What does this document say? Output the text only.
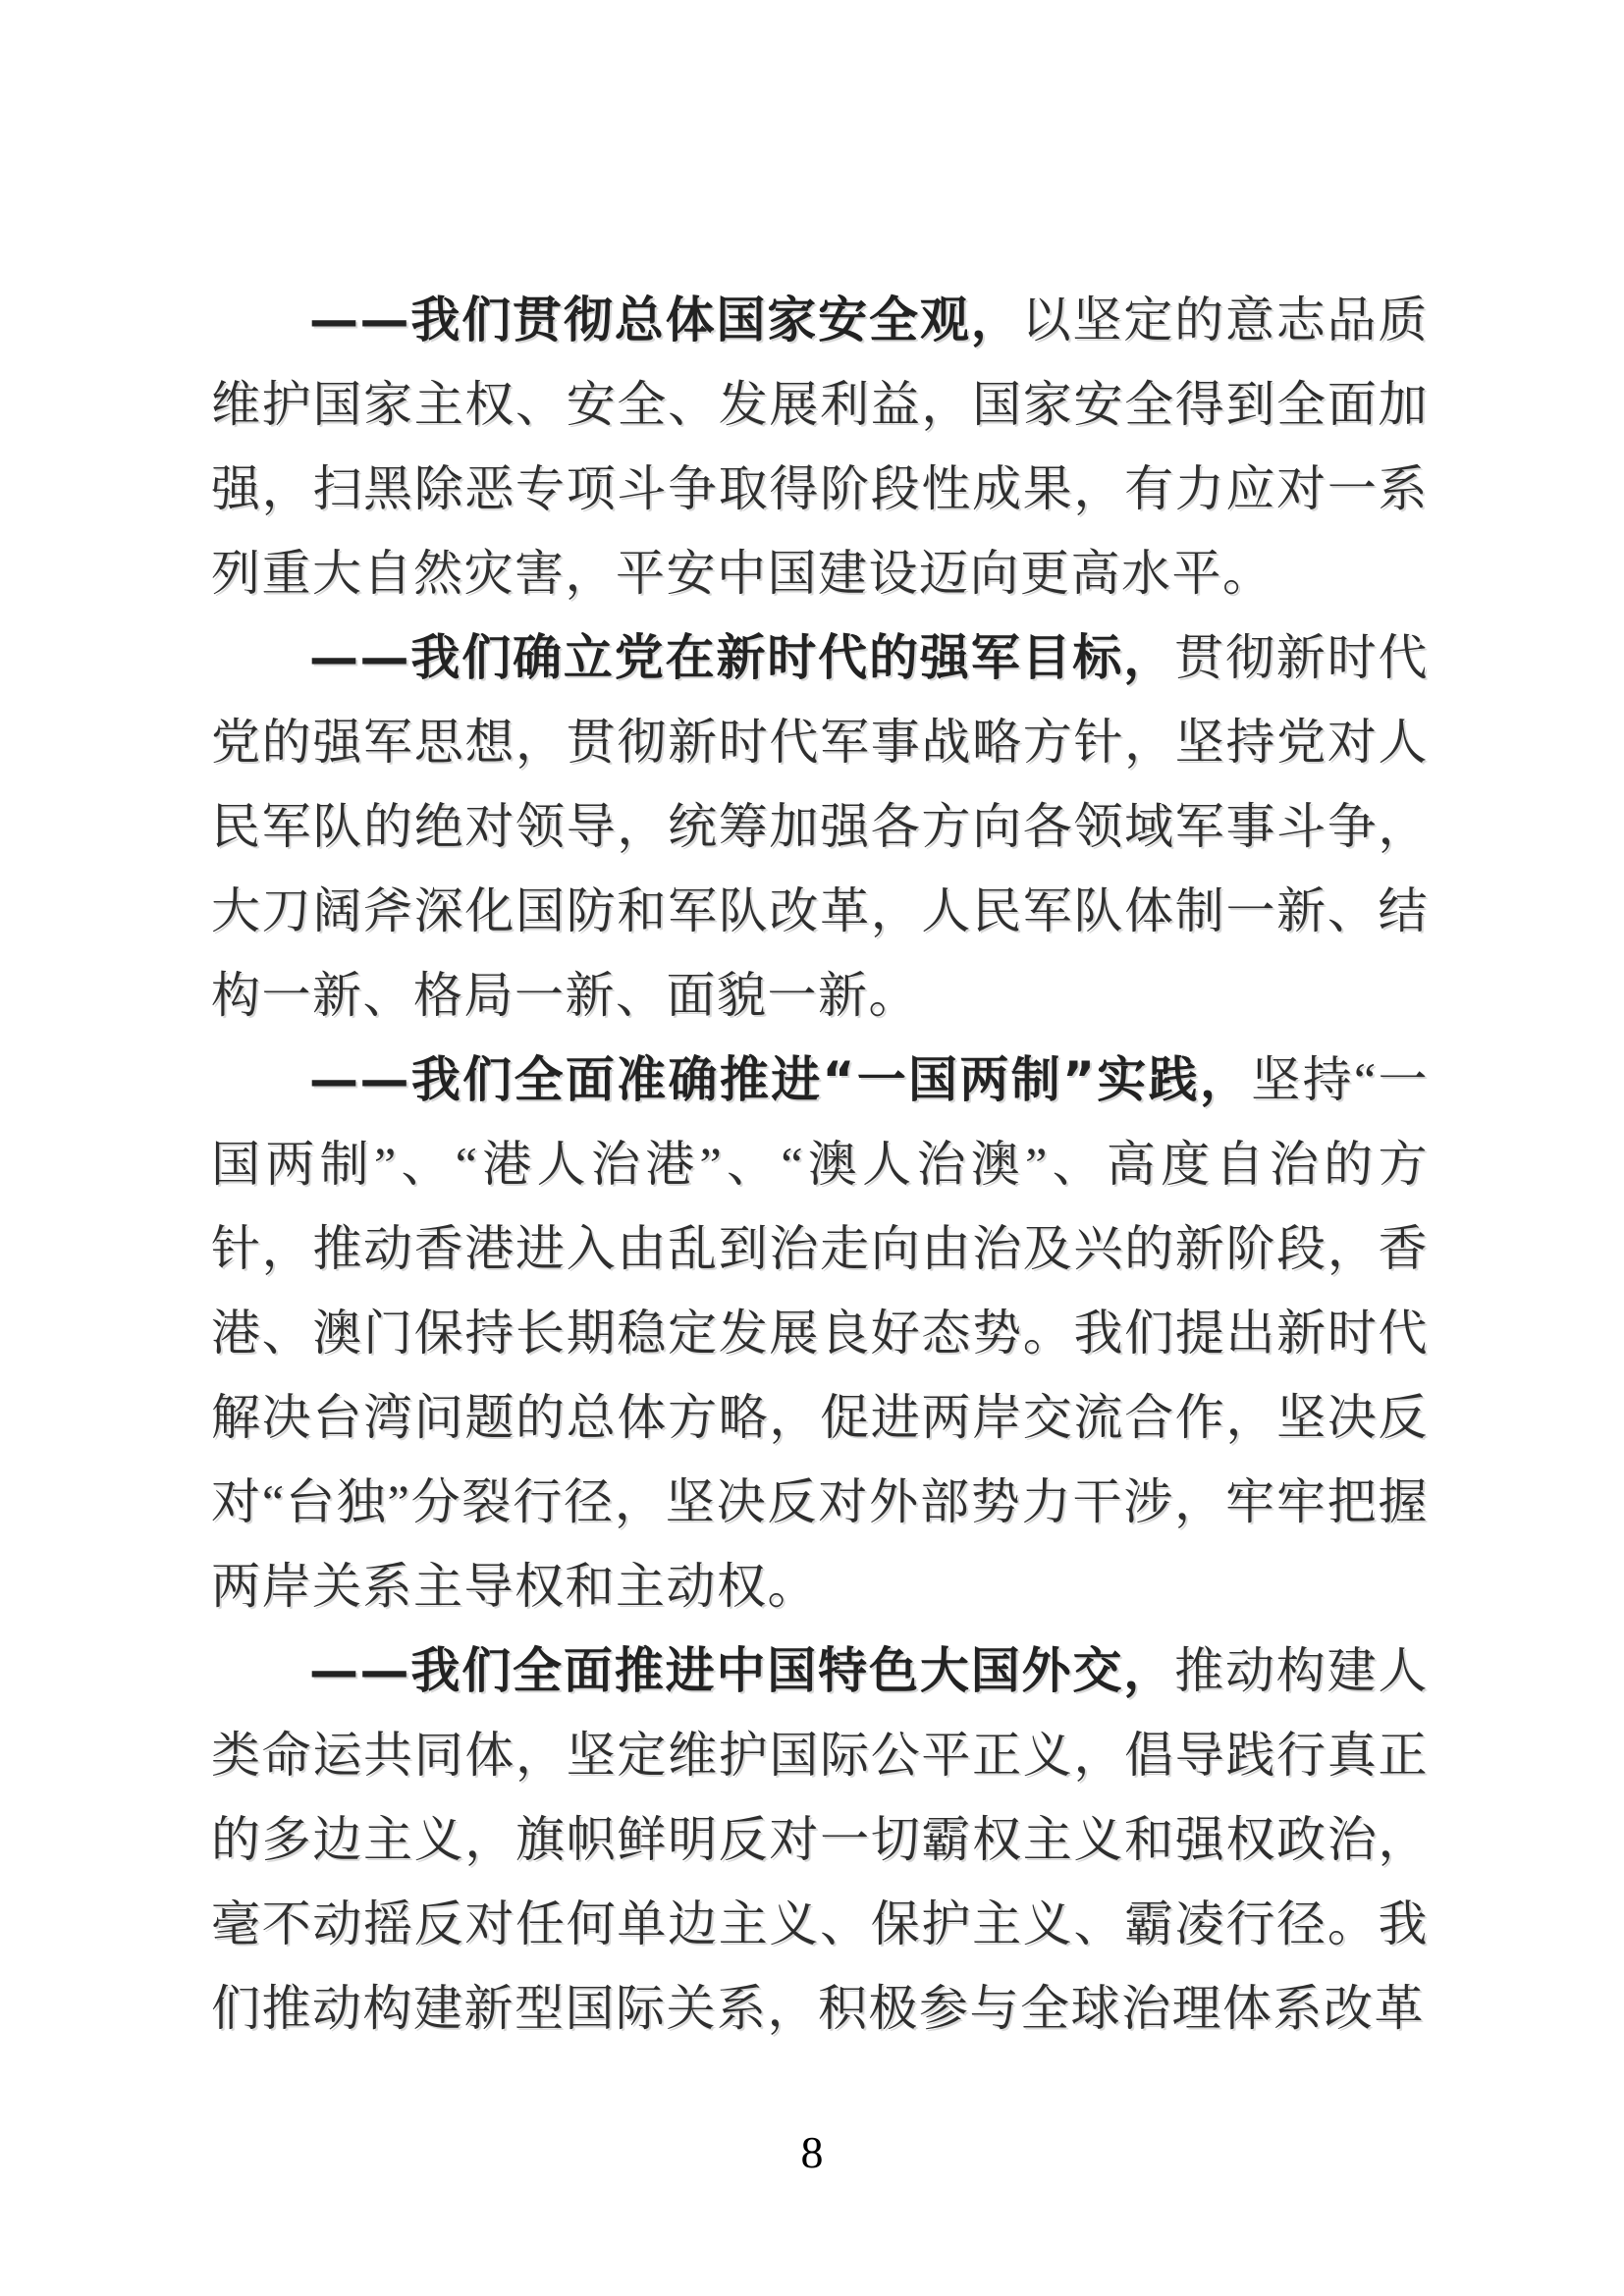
——我们贯彻总体国家安全观，以坚定的意志品质维护国家主权、安全、发展利益，国家安全得到全面加强，扫黑除恶专项斗争取得阶段性成果，有力应对一系列重大自然灾害，平安中国建设迈向更高水平。

——我们确立党在新时代的强军目标，贯彻新时代党的强军思想，贯彻新时代军事战略方针，坚持党对人民军队的绝对领导，统筹加强各方向各领域军事斗争，大刀阔斧深化国防和军队改革，人民军队体制一新、结构一新、格局一新、面貌一新。

——我们全面准确推进“一国两制”实践，坚持“一国两制”、“港人治港”、“澳人治澳”、高度自治的方针，推动香港进入由乱到治走向由治及兴的新阶段，香港、澳门保持长期稳定发展良好态势。我们提出新时代解决台湾问题的总体方略，促进两岸交流合作，坚决反对“台独”分裂行径，坚决反对外部势力干涉，牢牢把握两岸关系主导权和主动权。

——我们全面推进中国特色大国外交，推动构建人类命运共同体，坚定维护国际公平正义，倡导践行真正的多边主义，旗帜鲜明反对一切霸权主义和强权政治，毫不动摇反对任何单边主义、保护主义、霸凌行径。我们推动构建新型国际关系，积极参与全球治理体系改革

8
